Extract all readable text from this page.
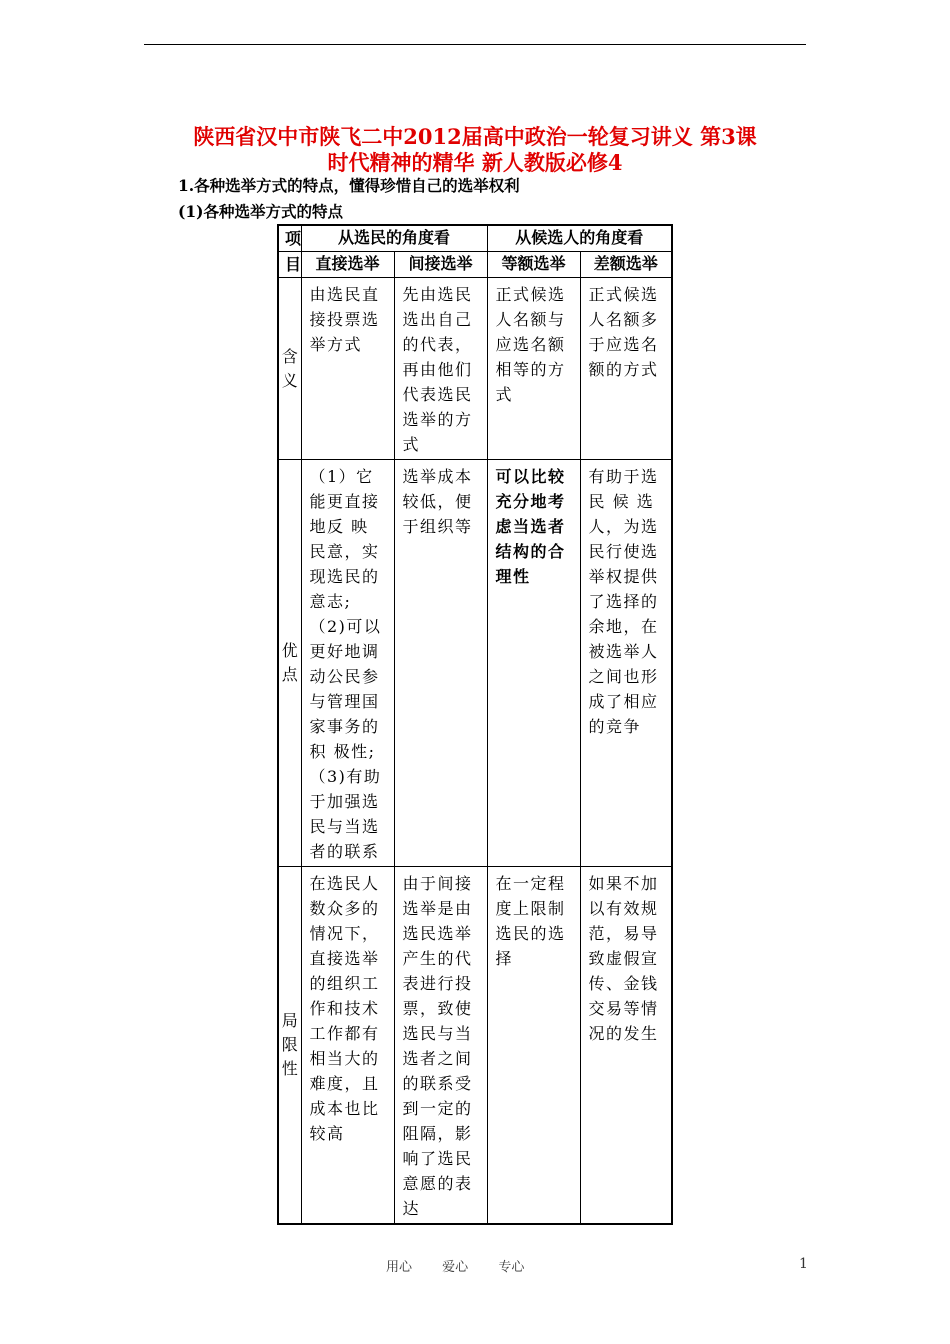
陕西省汉中市陕飞二中2012届高中政治一轮复习讲义 第3课
时代精神的精华 新人教版必修4
1.各种选举方式的特点，懂得珍惜自己的选举权利
(1)各种选举方式的特点
项	从选民的角度看		从候选人的角度看	
目	直接选举	间接选举	等额选举	差额选举

含
义	由选民直接投票选举方式	先由选民选出自己的代表，再由他们代表选民选举的方式	正式候选人名额与应选名额相等的方式	正式候选人名额多于应选名额的方式

优
点	（1）它能更直接地反 映 民意，实现选民的意志;（2)可以更好地调动公民参与管理国家事务的 积 极性;（3)有助于加强选民与当选者的联系	选举成本较低，便于组织等	可以比较充分地考虑当选者结构的合理性	有助于选民 候 选人，为选民行使选举权提供了选择的余地，在被选举人之间也形成了相应的竞争

局
限
性	在选民人数众多的情况下，直接选举的组织工作和技术工作都有相当大的难度，且成本也比较高	由于间接选举是由选民选举产生的代表进行投票，致使选民与当选者之间的联系受到一定的阻隔，影响了选民意愿的表达	在一定程度上限制选民的选择	如果不加以有效规范，易导致虚假宣传、金钱交易等情况的发生
用心 爱心 专心	1
